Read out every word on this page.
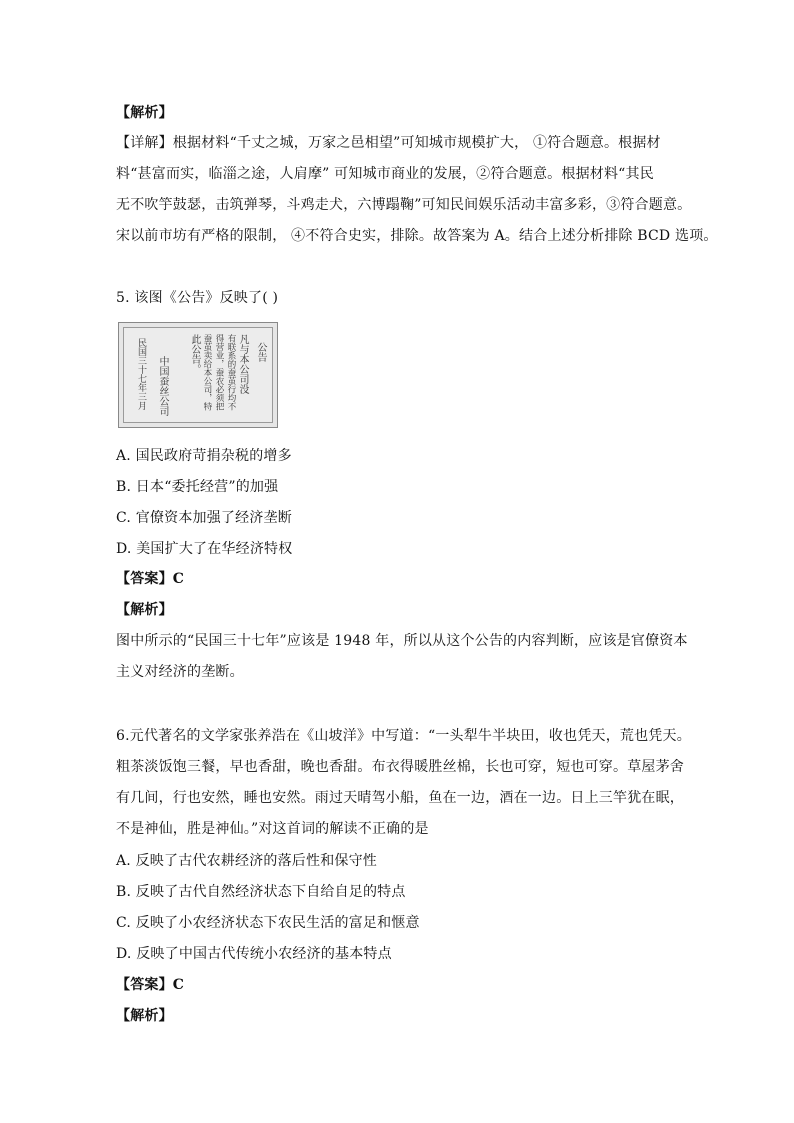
【解析】
【详解】根据材料“千丈之城，万家之邑相望”可知城市规模扩大， ①符合题意。根据材
料“甚富而实，临淄之途，人肩摩” 可知城市商业的发展，②符合题意。根据材料“其民
无不吹竽鼓瑟，击筑弹琴，斗鸡走犬，六博蹋鞠”可知民间娱乐活动丰富多彩，③符合题意。
宋以前市坊有严格的限制， ④不符合史实，排除。故答案为 A。结合上述分析排除 BCD 选项。
5. 该图《公告》反映了( )
公告
凡与本公司没
有联系的蚕茧行均不
得营业，蚕农必须把
蚕茧卖给本公司，特
此公告。
中国蚕丝公司
民国三十七年三月
A. 国民政府苛捐杂税的增多
B. 日本“委托经营”的加强
C. 官僚资本加强了经济垄断
D. 美国扩大了在华经济特权
【答案】C
【解析】
图中所示的“民国三十七年”应该是 1948 年，所以从这个公告的内容判断，应该是官僚资本
主义对经济的垄断。
6.元代著名的文学家张养浩在《山坡洋》中写道：“一头犁牛半块田，收也凭天，荒也凭天。
粗茶淡饭饱三餐，早也香甜，晚也香甜。布衣得暖胜丝棉，长也可穿，短也可穿。草屋茅舍
有几间，行也安然，睡也安然。雨过天晴驾小船，鱼在一边，酒在一边。日上三竿犹在眠，
不是神仙，胜是神仙。”对这首词的解读不正确的是
A. 反映了古代农耕经济的落后性和保守性
B. 反映了古代自然经济状态下自给自足的特点
C. 反映了小农经济状态下农民生活的富足和惬意
D. 反映了中国古代传统小农经济的基本特点
【答案】C
【解析】
